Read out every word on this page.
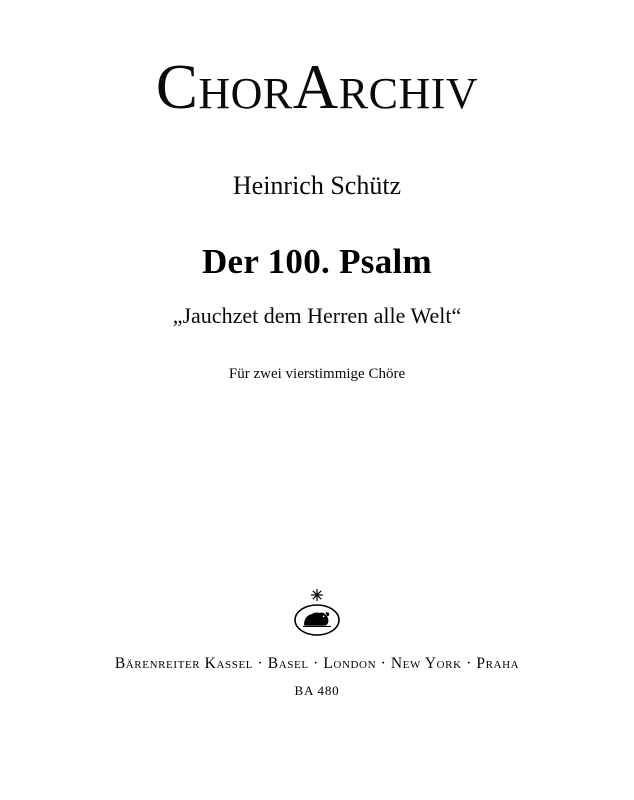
ChorArchiv
Heinrich Schütz
Der 100. Psalm
„Jauchzet dem Herren alle Welt“
Für zwei vierstimmige Chöre
Bärenreiter Kassel · Basel · London · New York · Praha
BA 480
